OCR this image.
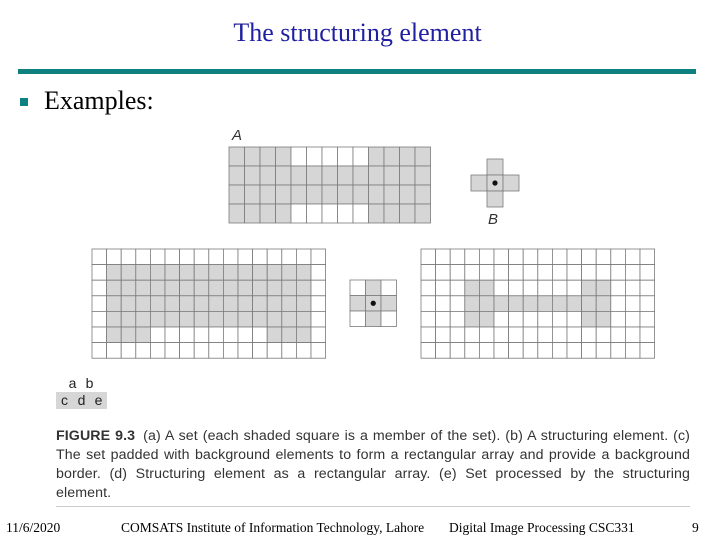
The structuring element
Examples:
A
B
a b
c d e
FIGURE 9.3 (a) A set (each shaded square is a member of the set). (b) A structuring element. (c) The set padded with background elements to form a rectangular array and provide a background border. (d) Structuring element as a rectangular array. (e) Set processed by the structuring element.
11/6/2020	COMSATS Institute of Information Technology, Lahore Digital Image Processing CSC331	9
